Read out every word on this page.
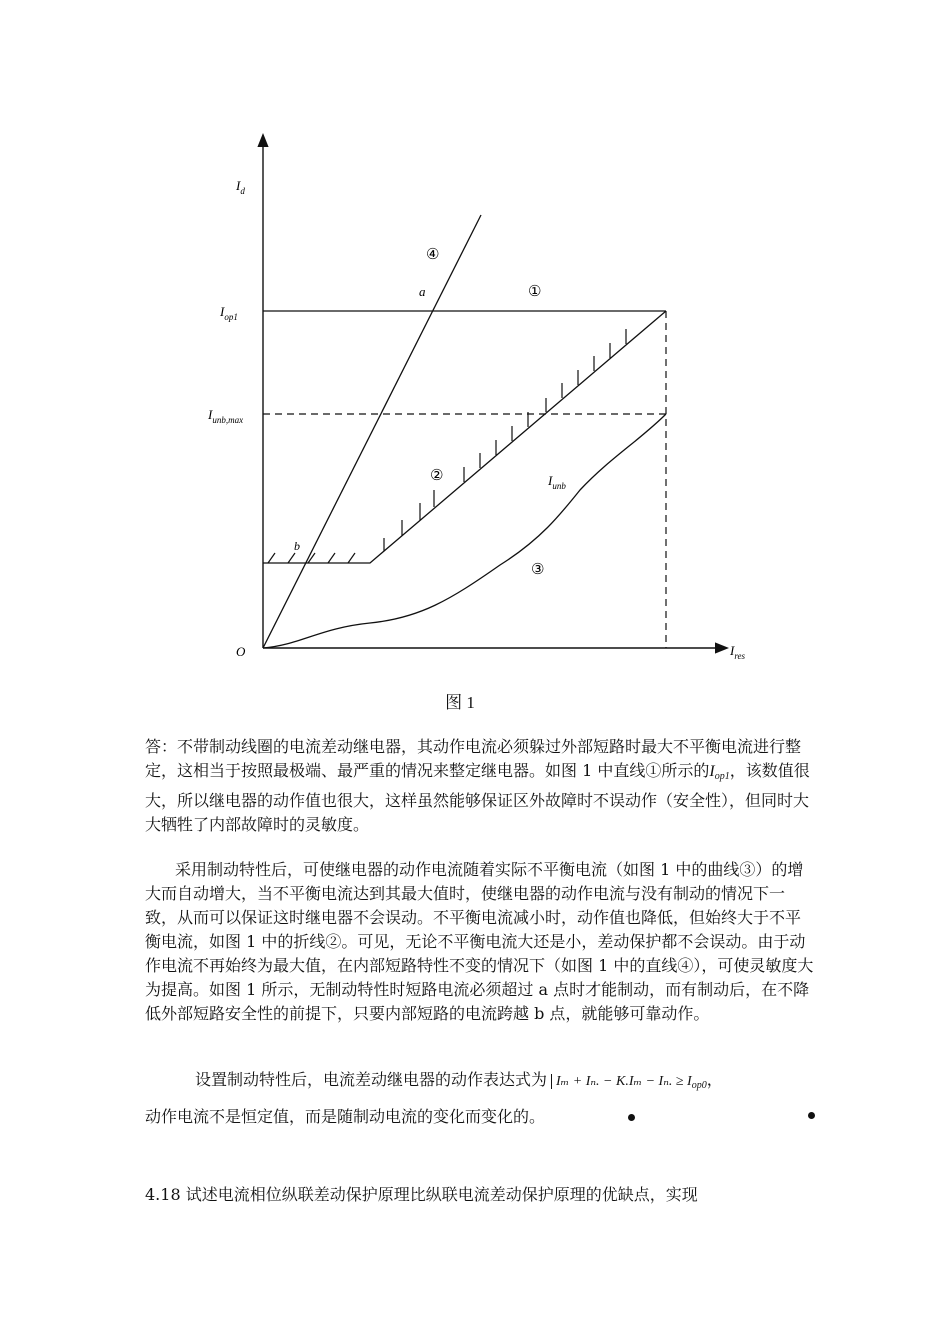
$I_d$
$I_{res}$
O
$I_{op1}$
$I_{unb,max}$
$I_{unb}$
a
b
①
②
③
④
图 1

答：不带制动线圈的电流差动继电器，其动作电流必须躲过外部短路时最大不平衡电流进行整定，这相当于按照最极端、最严重的情况来整定继电器。如图 1 中直线①所示的$I_{op1}$，该数值很大，所以继电器的动作值也很大，这样虽然能够保证区外故障时不误动作（安全性），但同时大大牺牲了内部故障时的灵敏度。

采用制动特性后，可使继电器的动作电流随着实际不平衡电流（如图 1 中的曲线③）的增大而自动增大，当不平衡电流达到其最大值时，使继电器的动作电流与没有制动的情况下一致，从而可以保证这时继电器不会误动。不平衡电流减小时，动作值也降低，但始终大于不平衡电流，如图 1 中的折线②。可见，无论不平衡电流大还是小，差动保护都不会误动。由于动作电流不再始终为最大值，在内部短路特性不变的情况下（如图 1 中的直线④），可使灵敏度大为提高。如图 1 所示，无制动特性时短路电流必须超过 a 点时才能制动，而有制动后，在不降低外部短路安全性的前提下，只要内部短路的电流跨越 b 点，就能够可靠动作。

设置制动特性后，电流差动继电器的动作表达式为 Iₘ + Iₙ. − K.Iₘ − Iₙ. ≥ $I_{op0}$，

动作电流不是恒定值，而是随制动电流的变化而变化的。

4.18 试述电流相位纵联差动保护原理比纵联电流差动保护原理的优缺点，实现
